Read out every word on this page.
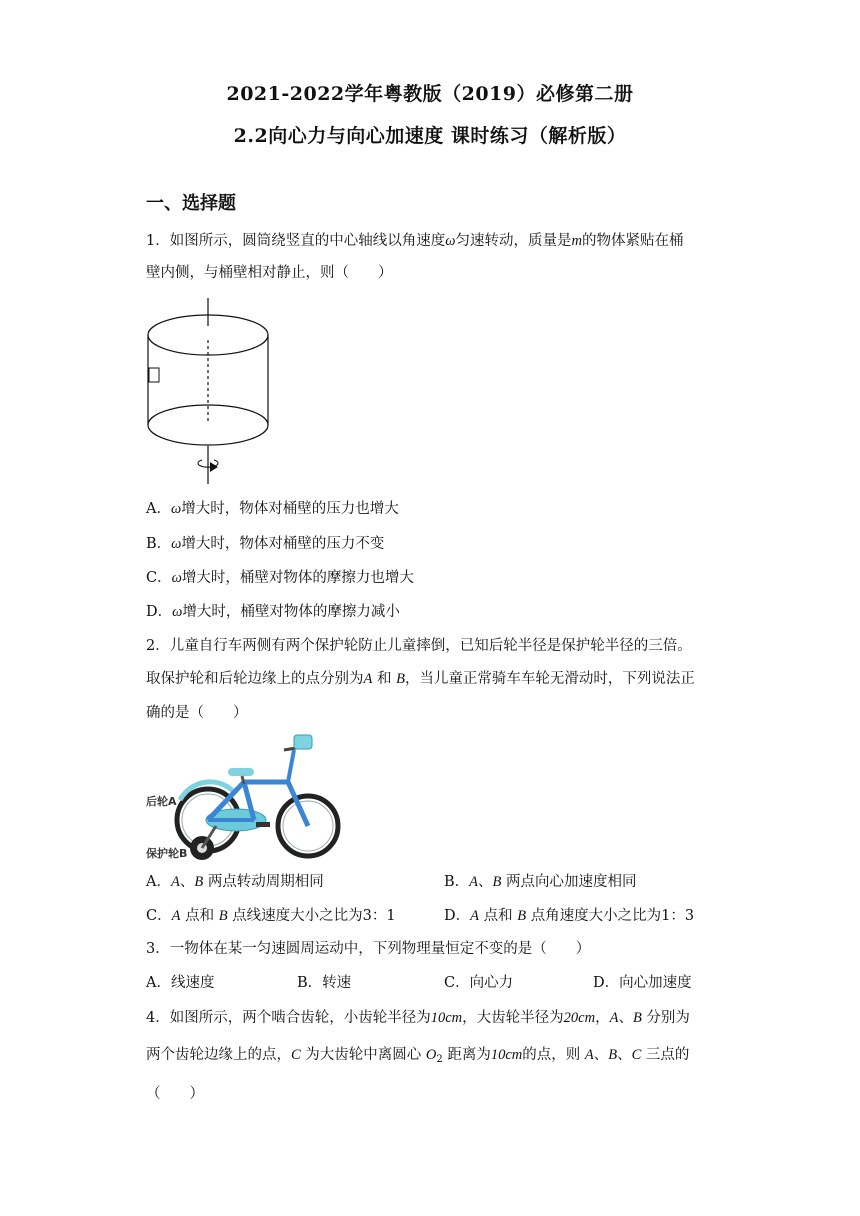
2021-2022学年粤教版（2019）必修第二册
2.2向心力与向心加速度 课时练习（解析版）
一、选择题
1．如图所示，圆筒绕竖直的中心轴线以角速度ω匀速转动，质量是m的物体紧贴在桶
壁内侧，与桶壁相对静止，则（　　）
A．ω增大时，物体对桶壁的压力也增大
B．ω增大时，物体对桶壁的压力不变
C．ω增大时，桶壁对物体的摩擦力也增大
D．ω增大时，桶壁对物体的摩擦力减小
2．儿童自行车两侧有两个保护轮防止儿童摔倒，已知后轮半径是保护轮半径的三倍。
取保护轮和后轮边缘上的点分别为A 和 B，当儿童正常骑车车轮无滑动时，下列说法正
确的是（　　）
后轮A
保护轮B
A．A、B 两点转动周期相同	B．A、B 两点向心加速度相同
C．A 点和 B 点线速度大小之比为3：1	D．A 点和 B 点角速度大小之比为1：3
3．一物体在某一匀速圆周运动中，下列物理量恒定不变的是（　　）
A．线速度	B．转速	C．向心力	D．向心加速度
4．如图所示，两个啮合齿轮，小齿轮半径为10cm，大齿轮半径为20cm，A、B 分别为
两个齿轮边缘上的点，C 为大齿轮中离圆心 $O_2$ 距离为10cm的点，则 A、B、C 三点的
（　　）
